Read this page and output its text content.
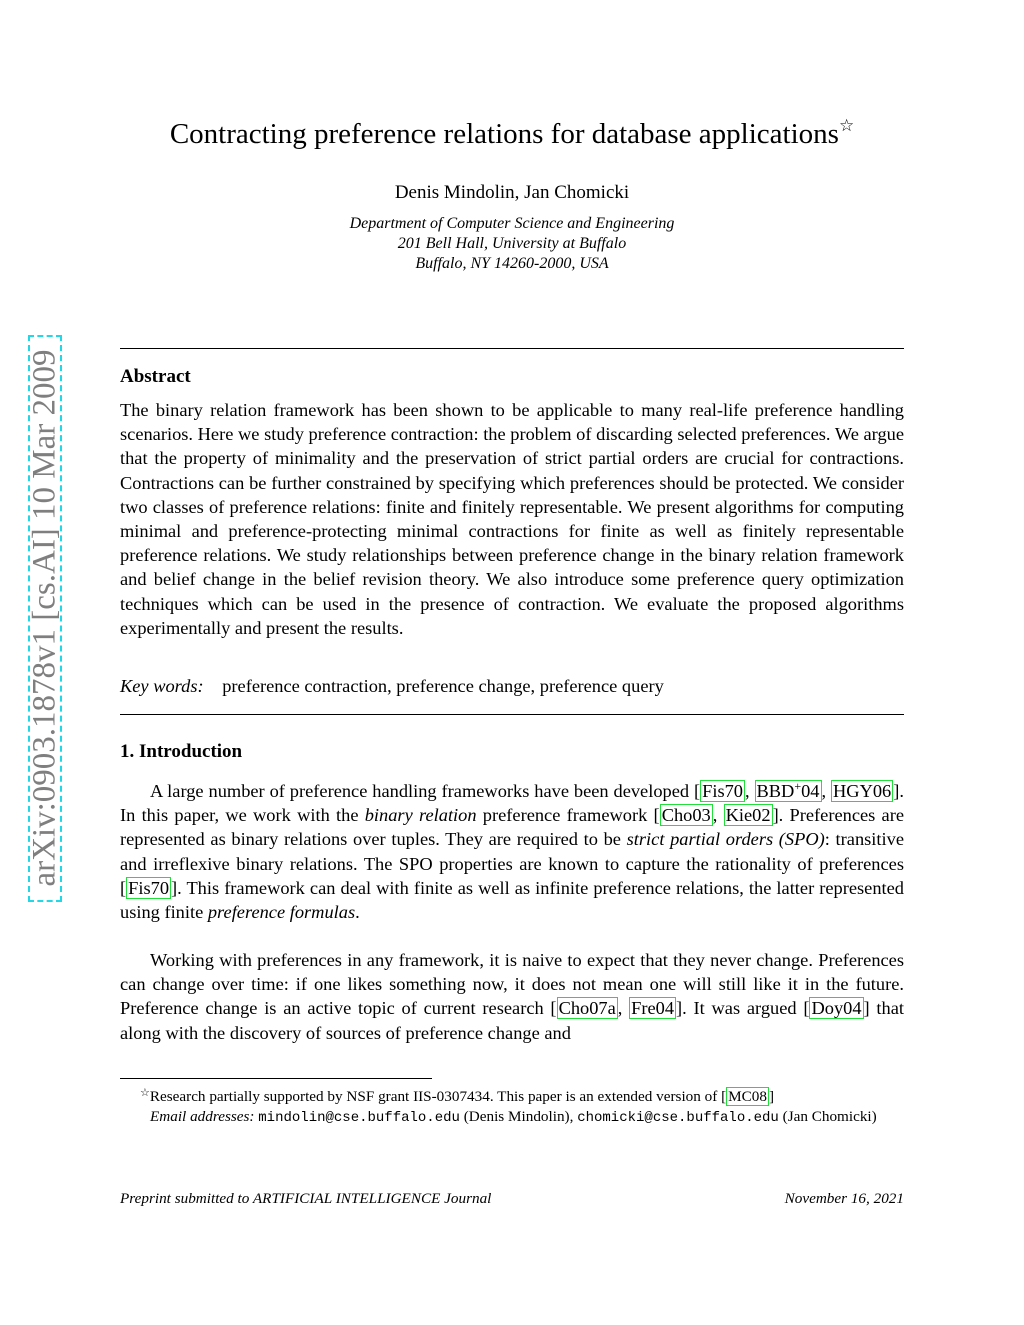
arXiv:0903.1878v1 [cs.AI] 10 Mar 2009
Contracting preference relations for database applications☆
Denis Mindolin, Jan Chomicki
Department of Computer Science and Engineering
201 Bell Hall, University at Buffalo
Buffalo, NY 14260-2000, USA
Abstract
The binary relation framework has been shown to be applicable to many real-life preference handling scenarios. Here we study preference contraction: the problem of discarding selected preferences. We argue that the property of minimality and the preservation of strict partial orders are crucial for contractions. Contractions can be further constrained by specifying which preferences should be protected. We consider two classes of preference relations: finite and finitely representable. We present algorithms for computing minimal and preference-protecting minimal contractions for finite as well as finitely representable preference relations. We study relationships between preference change in the binary relation framework and belief change in the belief revision theory. We also introduce some preference query optimization techniques which can be used in the presence of contraction. We evaluate the proposed algorithms experimentally and present the results.
Key words: preference contraction, preference change, preference query
1. Introduction
A large number of preference handling frameworks have been developed [ Fis70 , BBD+04 , HGY06 ]. In this paper, we work with the binary relation preference framework [ Cho03 , Kie02 ]. Preferences are represented as binary relations over tuples. They are required to be strict partial orders (SPO): transitive and irreflexive binary relations. The SPO properties are known to capture the rationality of preferences [ Fis70 ]. This framework can deal with finite as well as infinite preference relations, the latter represented using finite preference formulas.
Working with preferences in any framework, it is naive to expect that they never change. Preferences can change over time: if one likes something now, it does not mean one will still like it in the future. Preference change is an active topic of current research [ Cho07a , Fre04 ]. It was argued [ Doy04 ] that along with the discovery of sources of preference change and
☆Research partially supported by NSF grant IIS-0307434. This paper is an extended version of [ MC08 ]
Email addresses: mindolin@cse.buffalo.edu (Denis Mindolin), chomicki@cse.buffalo.edu (Jan Chomicki)
Preprint submitted to ARTIFICIAL INTELLIGENCE Journal	November 16, 2021
